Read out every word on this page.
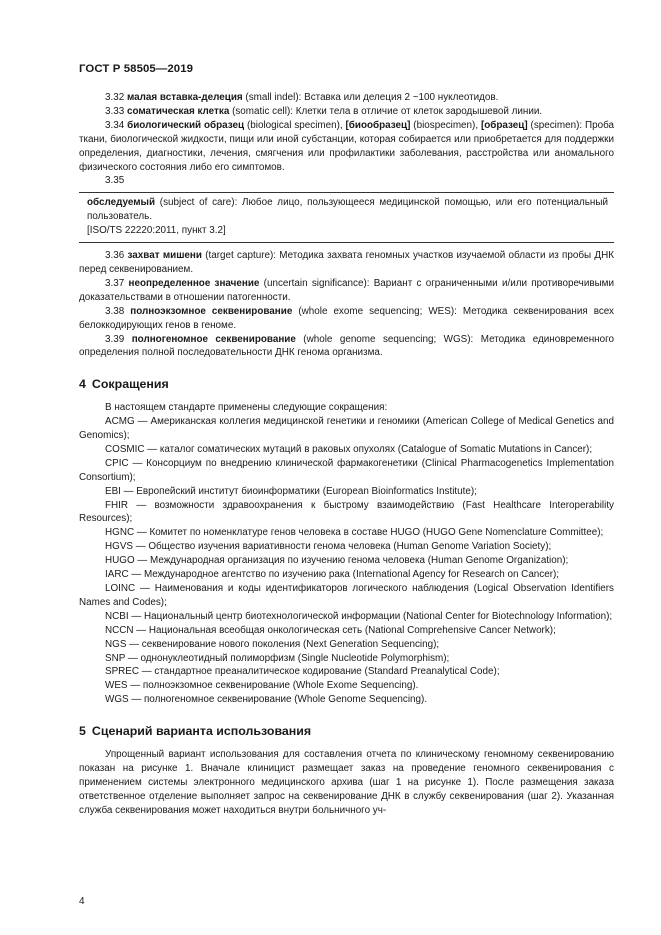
ГОСТ Р 58505—2019

3.32 малая вставка-делеция (small indel): Вставка или делеция 2 ~100 нуклеотидов.

3.33 соматическая клетка (somatic cell): Клетки тела в отличие от клеток зародышевой линии.

3.34 биологический образец (biological specimen), [биообразец] (biospecimen), [образец] (specimen): Проба ткани, биологической жидкости, пищи или иной субстанции, которая собирается или приобретается для поддержки определения, диагностики, лечения, смягчения или профилактики заболевания, расстройства или аномального физического состояния либо его симптомов.

3.35

обследуемый (subject of care): Любое лицо, пользующееся медицинской помощью, или его потенциальный пользователь.

[ISO/TS 22220:2011, пункт 3.2]

3.36 захват мишени (target capture): Методика захвата геномных участков изучаемой области из пробы ДНК перед секвенированием.

3.37 неопределенное значение (uncertain significance): Вариант с ограниченными и/или противоречивыми доказательствами в отношении патогенности.

3.38 полноэкзомное секвенирование (whole exome sequencing; WES): Методика секвенирования всех белоккодирующих генов в геноме.

3.39 полногеномное секвенирование (whole genome sequencing; WGS): Методика единовременного определения полной последовательности ДНК генома организма.

4 Сокращения

В настоящем стандарте применены следующие сокращения:

ACMG — Американская коллегия медицинской генетики и геномики (American College of Medical Genetics and Genomics);

COSMIC — каталог соматических мутаций в раковых опухолях (Catalogue of Somatic Mutations in Cancer);

CPIC — Консорциум по внедрению клинической фармакогенетики (Clinical Pharmacogenetics Implementation Consortium);

EBI — Европейский институт биоинформатики (European Bioinformatics Institute);

FHIR — возможности здравоохранения к быстрому взаимодействию (Fast Healthcare Interoperability Resources);

HGNC — Комитет по номенклатуре генов человека в составе HUGO (HUGO Gene Nomenclature Committee);

HGVS — Общество изучения вариативности генома человека (Human Genome Variation Society);

HUGO — Международная организация по изучению генома человека (Human Genome Organization);

IARC — Международное агентство по изучению рака (International Agency for Research on Cancer);

LOINC — Наименования и коды идентификаторов логического наблюдения (Logical Observation Identifiers Names and Codes);

NCBI — Национальный центр биотехнологической информации (National Center for Biotechnology Information);

NCCN — Национальная всеобщая онкологическая сеть (National Comprehensive Cancer Network);

NGS — секвенирование нового поколения (Next Generation Sequencing);

SNP — однонуклеотидный полиморфизм (Single Nucleotide Polymorphism);

SPREC — стандартное преаналитическое кодирование (Standard Preanalytical Code);

WES — полноэкзомное секвенирование (Whole Exome Sequencing).

WGS — полногеномное секвенирование (Whole Genome Sequencing).

5 Сценарий варианта использования

Упрощенный вариант использования для составления отчета по клиническому геномному секвенированию показан на рисунке 1. Вначале клиницист размещает заказ на проведение геномного секвенирования с применением системы электронного медицинского архива (шаг 1 на рисунке 1). После размещения заказа ответственное отделение выполняет запрос на секвенирование ДНК в службу секвенирования (шаг 2). Указанная служба секвенирования может находиться внутри больничного уч-

4
